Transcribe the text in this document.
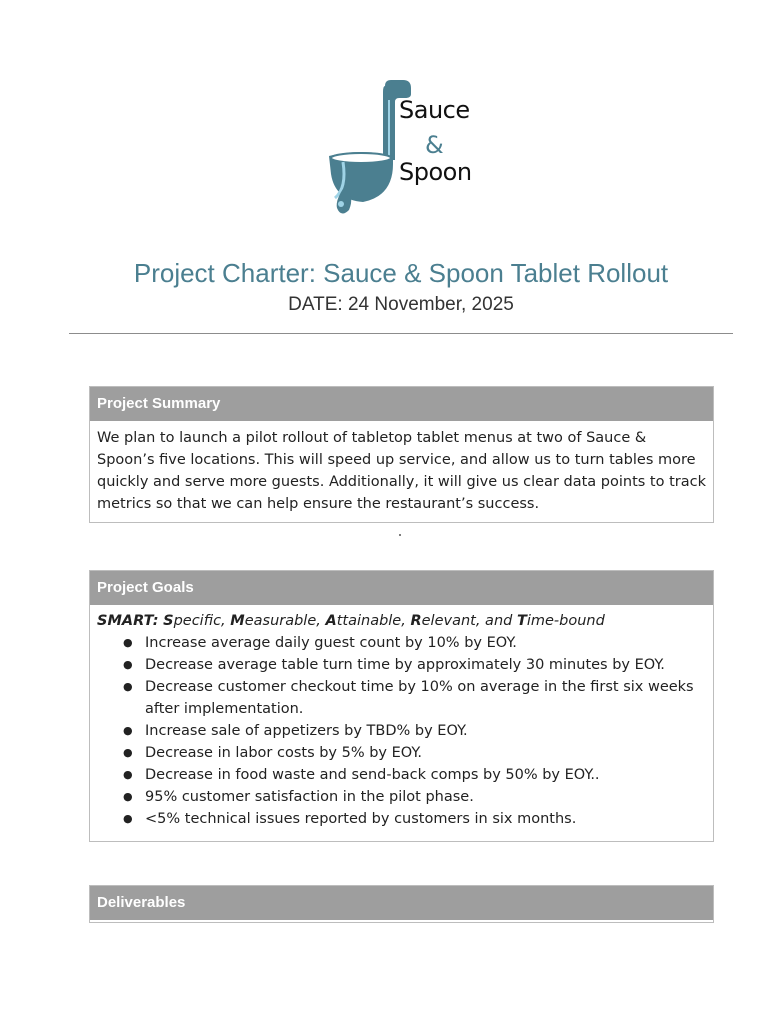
Sauce
&
Spoon
Project Charter: Sauce & Spoon Tablet Rollout
DATE: 24 November, 2025
Project Summary
We plan to launch a pilot rollout of tabletop tablet menus at two of Sauce & Spoon’s five locations. This will speed up service, and allow us to turn tables more quickly and serve more guests. Additionally, it will give us clear data points to track metrics so that we can help ensure the restaurant’s success.
Project Goals
SMART: Specific, Measurable, Attainable, Relevant, and Time-bound
● Increase average daily guest count by 10% by EOY.
● Decrease average table turn time by approximately 30 minutes by EOY.
● Decrease customer checkout time by 10% on average in the first six weeks after implementation.
● Increase sale of appetizers by TBD% by EOY.
● Decrease in labor costs by 5% by EOY.
● Decrease in food waste and send-back comps by 50% by EOY..
● 95% customer satisfaction in the pilot phase.
● <5% technical issues reported by customers in six months.
Deliverables
